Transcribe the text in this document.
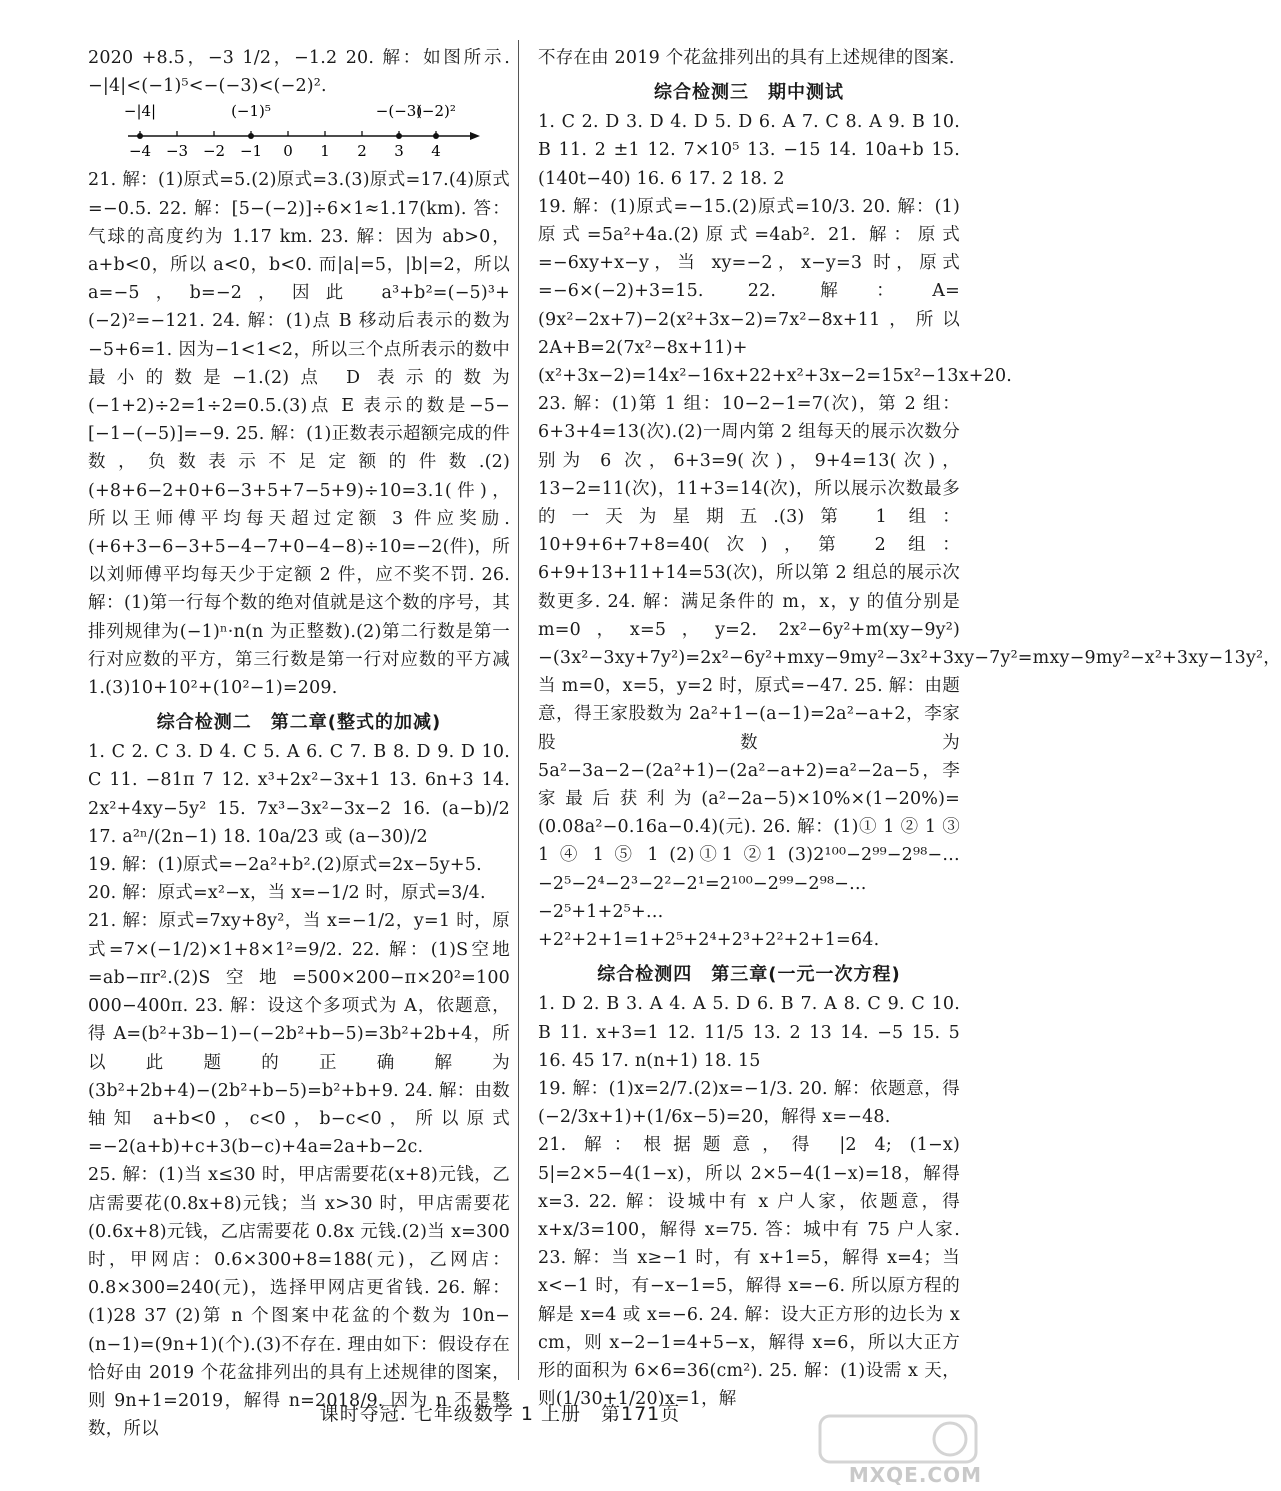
2020 +8.5，−3 1/2，−1.2 20. 解：如图所示. −|4|<(−1)⁵<−(−3)<(−2)².

−4 −3 −2 −1 0 1 2 3 4
−|4|	(−1)⁵	−(−3)
(−2)²

21. 解：(1)原式=5.(2)原式=3.(3)原式=17.(4)原式=−0.5. 22. 解：[5−(−2)]÷6×1≈1.17(km). 答：气球的高度约为 1.17 km. 23. 解：因为 ab>0，a+b<0，所以 a<0，b<0. 而|a|=5，|b|=2，所以 a=−5，b=−2，因此 a³+b²=(−5)³+(−2)²=−121. 24. 解：(1)点 B 移动后表示的数为−5+6=1. 因为−1<1<2，所以三个点所表示的数中最小的数是−1.(2)点 D 表示的数为(−1+2)÷2=1÷2=0.5.(3)点 E 表示的数是−5−[−1−(−5)]=−9. 25. 解：(1)正数表示超额完成的件数，负数表示不足定额的件数.(2)(+8+6−2+0+6−3+5+7−5+9)÷10=3.1(件)，所以王师傅平均每天超过定额 3 件应奖励.(+6+3−6−3+5−4−7+0−4−8)÷10=−2(件)，所以刘师傅平均每天少于定额 2 件，应不奖不罚. 26. 解：(1)第一行每个数的绝对值就是这个数的序号，其排列规律为(−1)ⁿ·n(n 为正整数).(2)第二行数是第一行对应数的平方，第三行数是第一行对应数的平方减 1.(3)10+10²+(10²−1)=209.

综合检测二　第二章(整式的加减)

1. C 2. C 3. D 4. C 5. A 6. C 7. B 8. D 9. D 10. C 11. −81π 7 12. x³+2x²−3x+1 13. 6n+3 14. 2x²+4xy−5y² 15. 7x³−3x²−3x−2 16. (a−b)/2 17. a²ⁿ/(2n−1) 18. 10a/23 或 (a−30)/2

19. 解：(1)原式=−2a²+b².(2)原式=2x−5y+5.

20. 解：原式=x²−x，当 x=−1/2 时，原式=3/4.

21. 解：原式=7xy+8y²，当 x=−1/2，y=1 时，原式=7×(−1/2)×1+8×1²=9/2. 22. 解：(1)S空地=ab−πr².(2)S空地=500×200−π×20²=100 000−400π. 23. 解：设这个多项式为 A，依题意，得 A=(b²+3b−1)−(−2b²+b−5)=3b²+2b+4，所以此题的正确解为(3b²+2b+4)−(2b²+b−5)=b²+b+9. 24. 解：由数轴知 a+b<0，c<0，b−c<0，所以原式=−2(a+b)+c+3(b−c)+4a=2a+b−2c.

25. 解：(1)当 x≤30 时，甲店需要花(x+8)元钱，乙店需要花(0.8x+8)元钱；当 x>30 时，甲店需要花(0.6x+8)元钱，乙店需要花 0.8x 元钱.(2)当 x=300 时，甲网店：0.6×300+8=188(元)，乙网店：0.8×300=240(元)，选择甲网店更省钱. 26. 解：(1)28 37 (2)第 n 个图案中花盆的个数为 10n−(n−1)=(9n+1)(个).(3)不存在. 理由如下：假设存在恰好由 2019 个花盆排列出的具有上述规律的图案，则 9n+1=2019，解得 n=2018/9. 因为 n 不是整数，所以

不存在由 2019 个花盆排列出的具有上述规律的图案.

综合检测三　期中测试

1. C 2. D 3. D 4. D 5. D 6. A 7. C 8. A 9. B 10. B 11. 2 ±1 12. 7×10⁵ 13. −15 14. 10a+b 15. (140t−40) 16. 6 17. 2 18. 2

19. 解：(1)原式=−15.(2)原式=10/3. 20. 解：(1)原式=5a²+4a.(2)原式=4ab². 21. 解：原式=−6xy+x−y，当 xy=−2，x−y=3 时，原式=−6×(−2)+3=15. 22. 解：A=(9x²−2x+7)−2(x²+3x−2)=7x²−8x+11，所以 2A+B=2(7x²−8x+11)+(x²+3x−2)=14x²−16x+22+x²+3x−2=15x²−13x+20. 23. 解：(1)第 1 组：10−2−1=7(次)，第 2 组：6+3+4=13(次).(2)一周内第 2 组每天的展示次数分别为 6 次，6+3=9(次)，9+4=13(次)，13−2=11(次)，11+3=14(次)，所以展示次数最多的一天为星期五.(3)第 1 组：10+9+6+7+8=40(次)，第 2 组：6+9+13+11+14=53(次)，所以第 2 组总的展示次数更多. 24. 解：满足条件的 m，x，y 的值分别是 m=0，x=5，y=2. 2x²−6y²+m(xy−9y²)−(3x²−3xy+7y²)=2x²−6y²+mxy−9my²−3x²+3xy−7y²=mxy−9my²−x²+3xy−13y²，当 m=0，x=5，y=2 时，原式=−47. 25. 解：由题意，得王家股数为 2a²+1−(a−1)=2a²−a+2，李家股数为 5a²−3a−2−(2a²+1)−(2a²−a+2)=a²−2a−5，李家最后获利为(a²−2a−5)×10%×(1−20%)=(0.08a²−0.16a−0.4)(元). 26. 解：(1)① 1 ② 1 ③ 1 ④ 1 ⑤ 1 (2)①1 ②1 (3)2¹⁰⁰−2⁹⁹−2⁹⁸−…−2⁵−2⁴−2³−2²−2¹=2¹⁰⁰−2⁹⁹−2⁹⁸−…−2⁵+1+2⁵+…+2²+2+1=1+2⁵+2⁴+2³+2²+2+1=64.

综合检测四　第三章(一元一次方程)

1. D 2. B 3. A 4. A 5. D 6. B 7. A 8. C 9. C 10. B 11. x+3=1 12. 11/5 13. 2 13 14. −5 15. 5 16. 45 17. n(n+1) 18. 15

19. 解：(1)x=2/7.(2)x=−1/3. 20. 解：依题意，得(−2/3x+1)+(1/6x−5)=20，解得 x=−48.

21. 解：根据题意，得 |2 4; (1−x) 5|=2×5−4(1−x)，所以 2×5−4(1−x)=18，解得 x=3. 22. 解：设城中有 x 户人家，依题意，得 x+x/3=100，解得 x=75. 答：城中有 75 户人家. 23. 解：当 x≥−1 时，有 x+1=5，解得 x=4；当 x<−1 时，有−x−1=5，解得 x=−6. 所以原方程的解是 x=4 或 x=−6. 24. 解：设大正方形的边长为 x cm，则 x−2−1=4+5−x，解得 x=6，所以大正方形的面积为 6×6=36(cm²). 25. 解：(1)设需 x 天，则(1/30+1/20)x=1，解

课时夺冠. 七年级数学 1 上册　第171页
MXQE.COM
